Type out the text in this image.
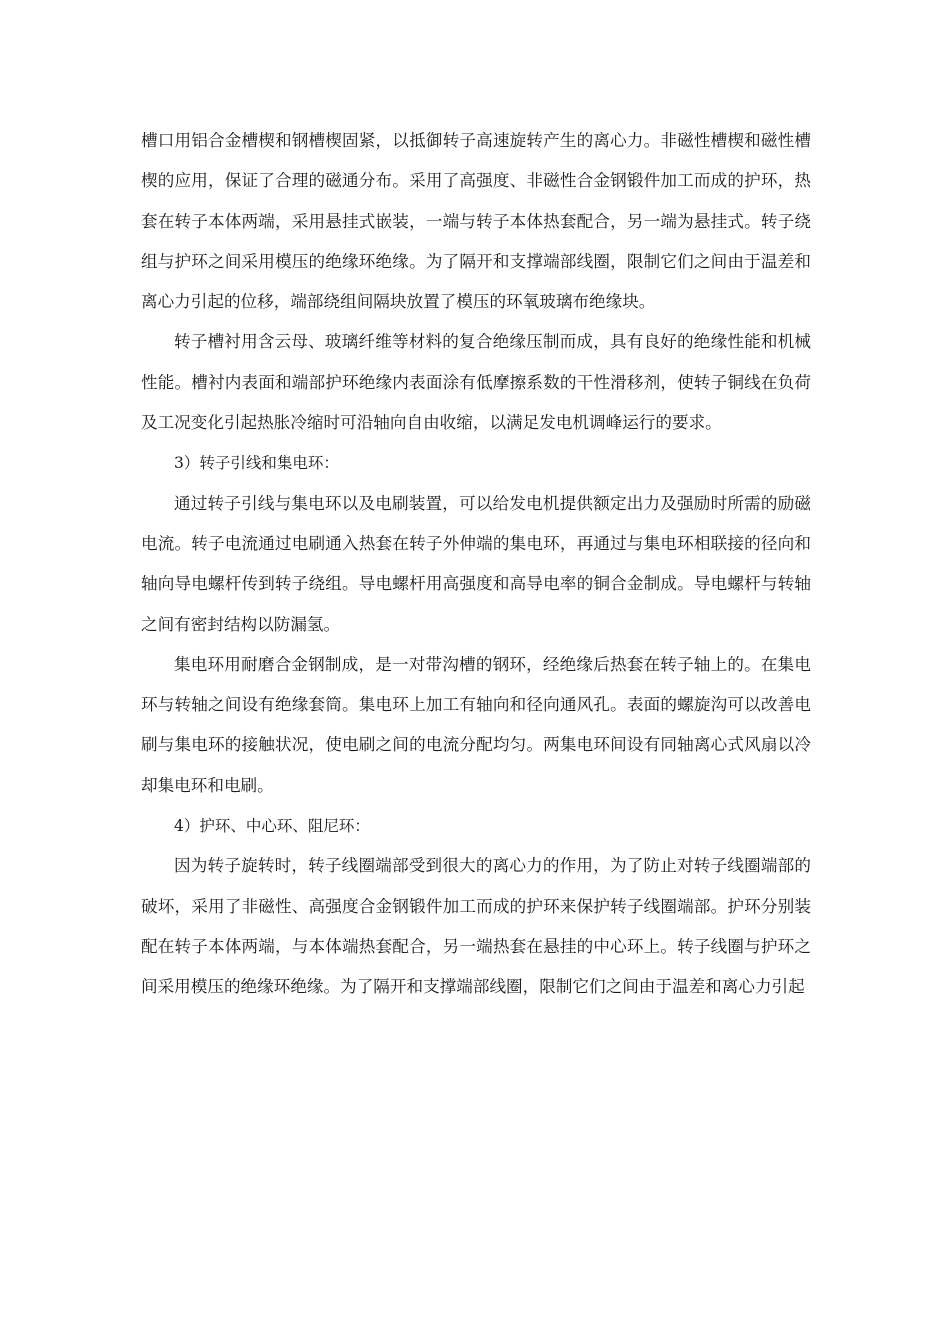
槽口用铝合金槽楔和钢槽楔固紧，以抵御转子高速旋转产生的离心力。非磁性槽楔和磁性槽楔的应用，保证了合理的磁通分布。采用了高强度、非磁性合金钢锻件加工而成的护环，热套在转子本体两端，采用悬挂式嵌装，一端与转子本体热套配合，另一端为悬挂式。转子绕组与护环之间采用模压的绝缘环绝缘。为了隔开和支撑端部线圈，限制它们之间由于温差和离心力引起的位移，端部绕组间隔块放置了模压的环氧玻璃布绝缘块。

转子槽衬用含云母、玻璃纤维等材料的复合绝缘压制而成，具有良好的绝缘性能和机械性能。槽衬内表面和端部护环绝缘内表面涂有低摩擦系数的干性滑移剂，使转子铜线在负荷及工况变化引起热胀冷缩时可沿轴向自由收缩，以满足发电机调峰运行的要求。

3）转子引线和集电环：

通过转子引线与集电环以及电刷装置，可以给发电机提供额定出力及强励时所需的励磁电流。转子电流通过电刷通入热套在转子外伸端的集电环，再通过与集电环相联接的径向和轴向导电螺杆传到转子绕组。导电螺杆用高强度和高导电率的铜合金制成。导电螺杆与转轴之间有密封结构以防漏氢。

集电环用耐磨合金钢制成，是一对带沟槽的钢环，经绝缘后热套在转子轴上的。在集电环与转轴之间设有绝缘套筒。集电环上加工有轴向和径向通风孔。表面的螺旋沟可以改善电刷与集电环的接触状况，使电刷之间的电流分配均匀。两集电环间设有同轴离心式风扇以冷却集电环和电刷。

4）护环、中心环、阻尼环：

因为转子旋转时，转子线圈端部受到很大的离心力的作用，为了防止对转子线圈端部的破坏，采用了非磁性、高强度合金钢锻件加工而成的护环来保护转子线圈端部。护环分别装配在转子本体两端，与本体端热套配合，另一端热套在悬挂的中心环上。转子线圈与护环之间采用模压的绝缘环绝缘。为了隔开和支撑端部线圈，限制它们之间由于温差和离心力引起
